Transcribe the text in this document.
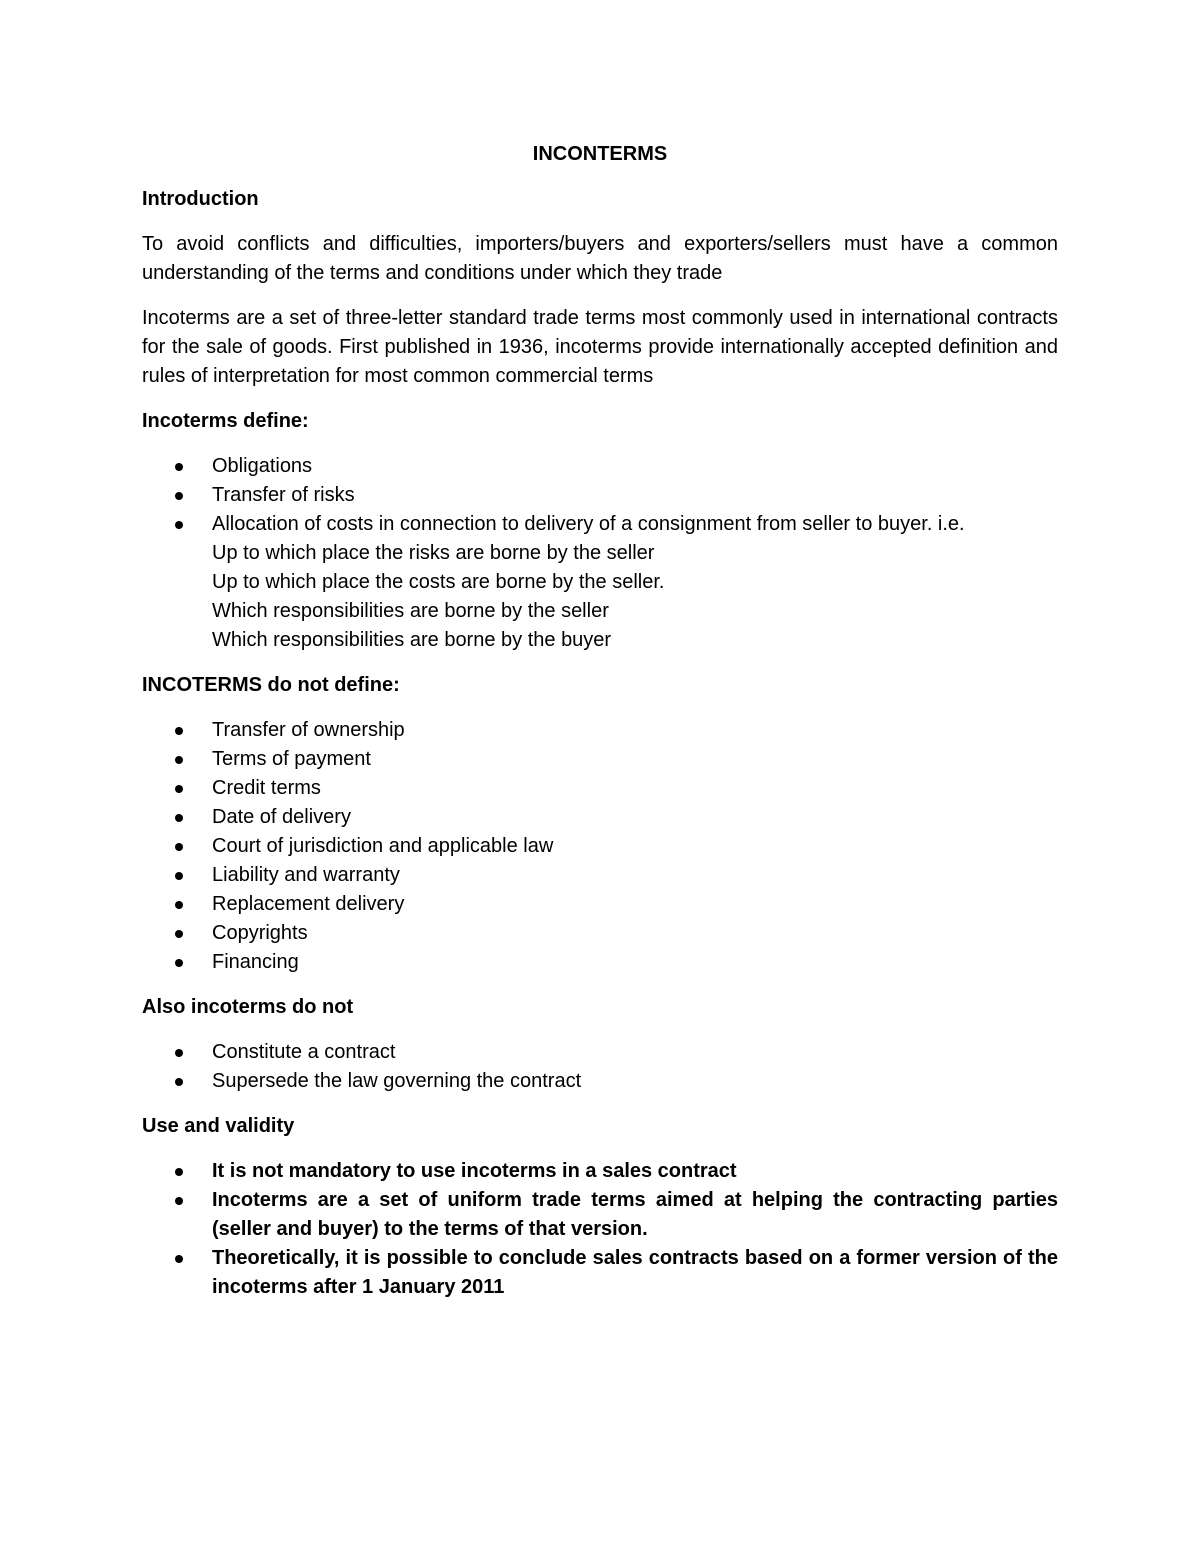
INCONTERMS
Introduction

To avoid conflicts and difficulties, importers/buyers and exporters/sellers must have a common understanding of the terms and conditions under which they trade

Incoterms are a set of three-letter standard trade terms most commonly used in international contracts for the sale of goods. First published in 1936, incoterms provide internationally accepted definition and rules of interpretation for most common commercial terms

Incoterms define:
Obligations
Transfer of risks
Allocation of costs in connection to delivery of a consignment from seller to buyer. i.e.
Up to which place the risks are borne by the seller
Up to which place the costs are borne by the seller.
Which responsibilities are borne by the seller
Which responsibilities are borne by the buyer
INCOTERMS do not define:
Transfer of ownership
Terms of payment
Credit terms
Date of delivery
Court of jurisdiction and applicable law
Liability and warranty
Replacement delivery
Copyrights
Financing
Also incoterms do not
Constitute a contract
Supersede the law governing the contract
Use and validity
It is not mandatory to use incoterms in a sales contract
Incoterms are a set of uniform trade terms aimed at helping the contracting parties (seller and buyer) to the terms of that version.
Theoretically, it is possible to conclude sales contracts based on a former version of the incoterms after 1 January 2011
